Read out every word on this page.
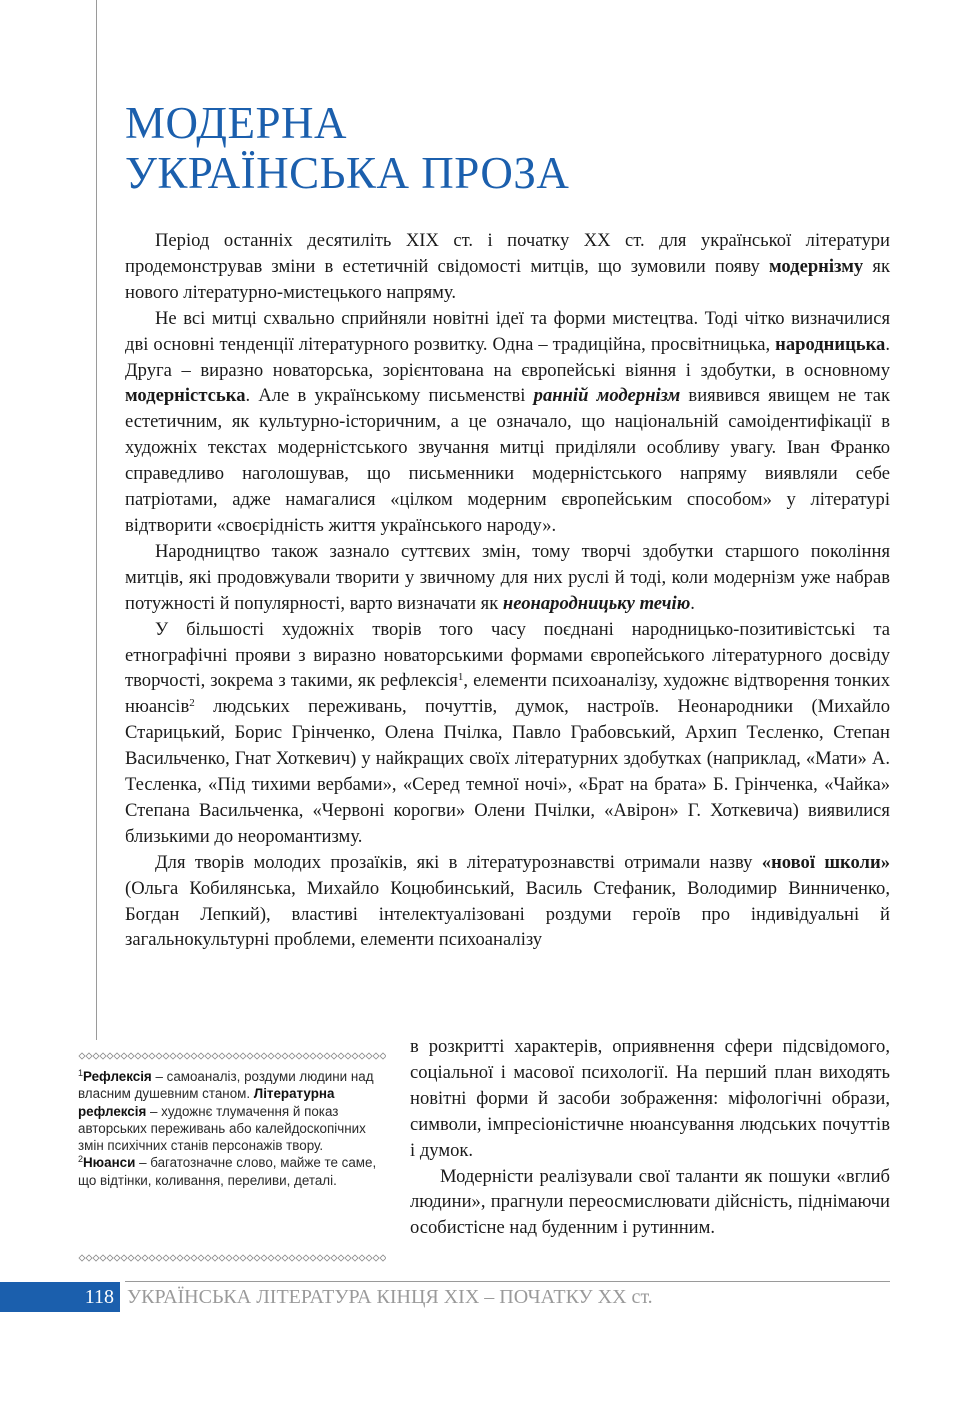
МОДЕРНА
УКРАЇНСЬКА ПРОЗА

Період останніх десятиліть XIX ст. і початку XX ст. для української літератури продемонстрував зміни в естетичній свідомості митців, що зумовили появу модернізму як нового літературно-мистецького напряму.

Не всі митці схвально сприйняли новітні ідеї та форми мистецтва. Тоді чітко визначилися дві основні тенденції літературного розвитку. Одна – традиційна, просвітницька, народницька. Друга – виразно новаторська, зорієнтована на європейські віяння і здобутки, в основному модерністська. Але в українському письменстві ранній модернізм виявився явищем не так естетичним, як культурно-історичним, а це означало, що національній самоідентифікації в художніх текстах модерністського звучання митці приділяли особливу увагу. Іван Франко справедливо наголошував, що письменники модерністського напряму виявляли себе патріотами, адже намагалися «цілком модерним європейським способом» у літературі відтворити «своєрідність життя українського народу».

Народництво також зазнало суттєвих змін, тому творчі здобутки старшого покоління митців, які продовжували творити у звичному для них руслі й тоді, коли модернізм уже набрав потужності й популярності, варто визначати як неонародницьку течію.

У більшості художніх творів того часу поєднані народницько-позитивістські та етнографічні прояви з виразно новаторськими формами європейського літературного досвіду творчості, зокрема з такими, як рефлексія$^1$, елементи психоаналізу, художнє відтворення тонких нюансів$^2$ людських переживань, почуттів, думок, настроїв. Неонародники (Михайло Старицький, Борис Грінченко, Олена Пчілка, Павло Грабовський, Архип Тесленко, Степан Васильченко, Гнат Хоткевич) у найкращих своїх літературних здобутках (наприклад, «Мати» А. Тесленка, «Під тихими вербами», «Серед темної ночі», «Брат на брата» Б. Грінченка, «Чайка» Степана Васильченка, «Червоні корогви» Олени Пчілки, «Авірон» Г. Хоткевича) виявилися близькими до неоромантизму.

Для творів молодих прозаїків, які в літературознавстві отримали назву «нової школи» (Ольга Кобилянська, Михайло Коцюбинський, Василь Стефаник, Володимир Винниченко, Богдан Лепкий), властиві інтелектуалізовані роздуми героїв про індивідуальні й загальнокультурні проблеми, елементи психоаналізу

в розкритті характерів, оприявнення сфери підсвідомого, соціальної і масової психології. На перший план виходять новітні форми й засоби зображення: міфологічні образи, символи, імпресіоністичне нюансування людських почуттів і думок.

Модерністи реалізували свої таланти як пошуки «вглиб людини», прагнули переосмислювати дійсність, піднімаючи особистісне над буденним і рутинним.

$^1$Рефлексія – самоаналіз, роздуми людини над власним душевним станом. Літературна рефлексія – художнє тлумачення й показ авторських переживань або калейдоскопічних змін психічних станів персонажів твору.

$^2$Нюанси – багатозначне слово, майже те саме, що відтінки, коливання, переливи, деталі.

118 УКРАЇНСЬКА ЛІТЕРАТУРА КІНЦЯ XIX – ПОЧАТКУ XX ст.
